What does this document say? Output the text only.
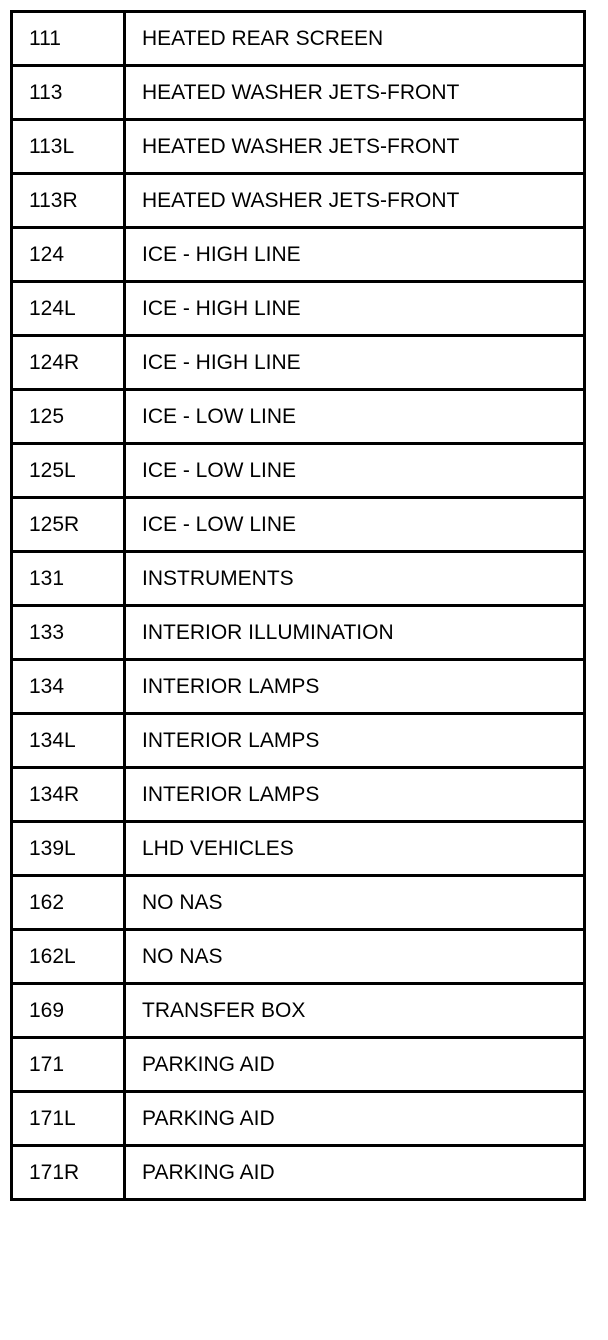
111	HEATED REAR SCREEN
113	HEATED WASHER JETS-FRONT
113L	HEATED WASHER JETS-FRONT
113R	HEATED WASHER JETS-FRONT
124	ICE - HIGH LINE
124L	ICE - HIGH LINE
124R	ICE - HIGH LINE
125	ICE - LOW LINE
125L	ICE - LOW LINE
125R	ICE - LOW LINE
131	INSTRUMENTS
133	INTERIOR ILLUMINATION
134	INTERIOR LAMPS
134L	INTERIOR LAMPS
134R	INTERIOR LAMPS
139L	LHD VEHICLES
162	NO NAS
162L	NO NAS
169	TRANSFER BOX
171	PARKING AID
171L	PARKING AID
171R	PARKING AID
